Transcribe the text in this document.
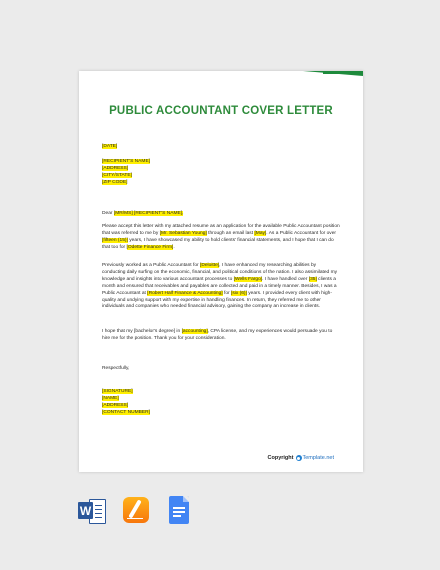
PUBLIC ACCOUNTANT COVER LETTER

[DATE]

[RECIPIENT'S NAME]

[ADDRESS]

[CITY/STATE]

[ZIP CODE]

Dear [MR/MS] [RECIPIENT'S NAME],

Please accept this letter with my attached resume as an application for the available Public Accountant position that was referred to me by [Mr. Sebastian Young] through an email last [May]. As a Public Accountant for over [fifteen (15)] years, I have showcased my ability to hold clients' financial statements, and I hope that I can do that too for [Odette Finance Firm].

Previously worked as a Public Accountant for [Deloitte], I have enhanced my researching abilities by conducting daily surfing on the economic, financial, and political conditions of the nation. I also assimilated my knowledge and insights into various accountant processes to [Wells Fargo]. I have handled over [35] clients a month and ensured that receivables and payables are collected and paid in a timely manner. Besides, I was a Public Accountant at [Robert Half Finance & Accounting] for [six (6)] years. I provided every client with high-quality and undying support with my expertise in handling finances. In return, they referred me to other individuals and companies who needed financial advisory, gaining the company an increase in clients.

I hope that my [bachelor's degree] in [accounting], CPA license, and my experiences would persuade you to hire me for the position. Thank you for your consideration.

Respectfully,

[SIGNATURE]

[NAME]

[ADDRESS]

[CONTACT NUMBER]

Copyright Template.net
W
